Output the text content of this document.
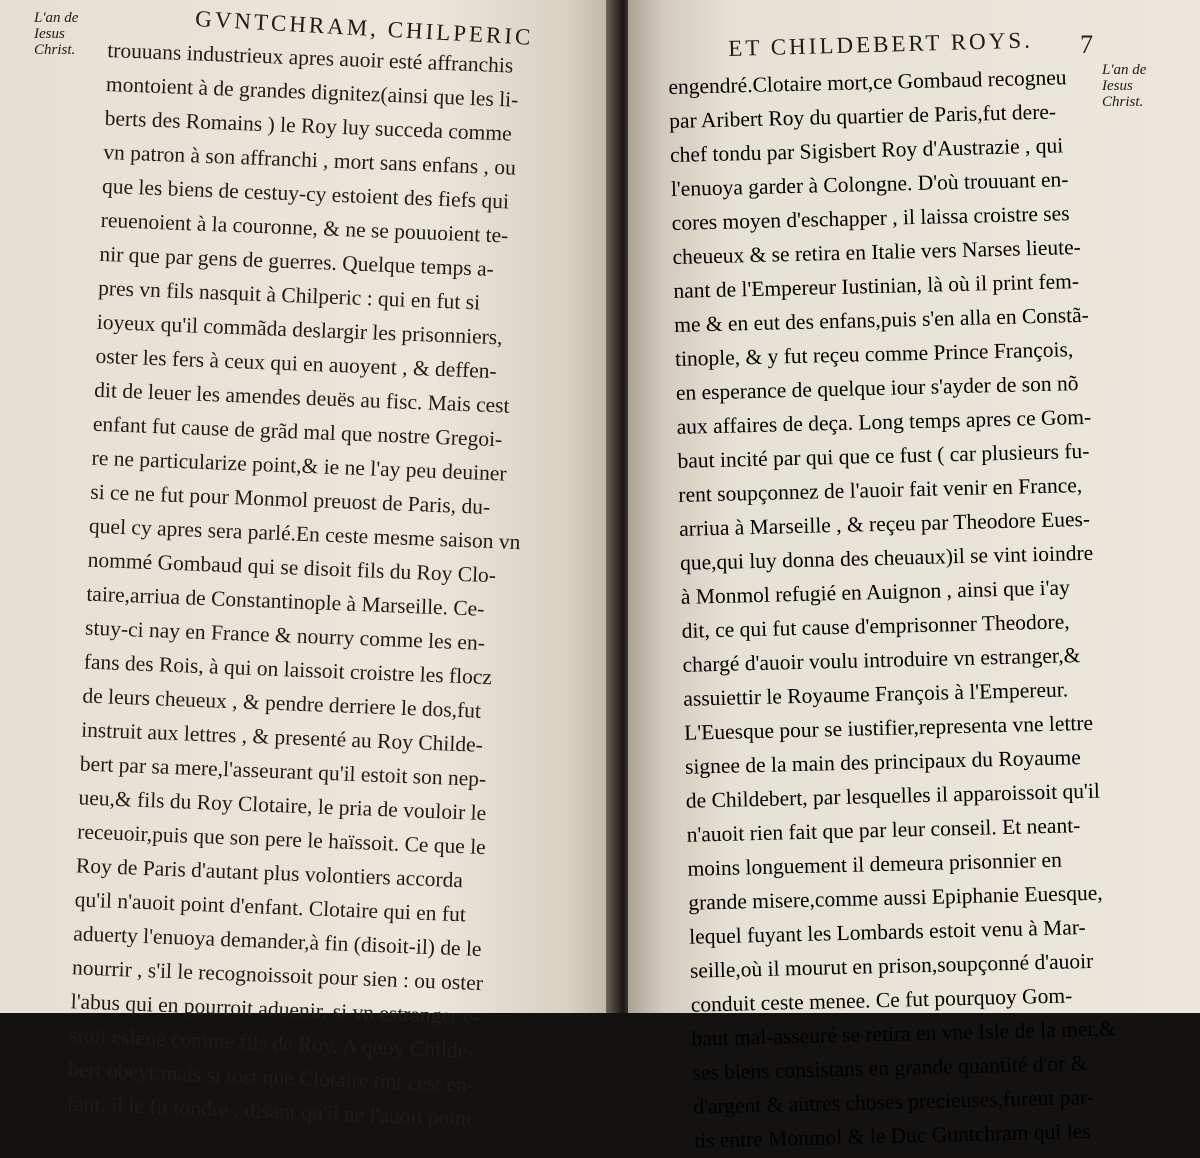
GVNTCHRAM, CHILPERIC
L'an de
Iesus
Christ. trouuans industrieux apres auoir esté affranchis
montoient à de grandes dignitez(ainsi que les li-
berts des Romains ) le Roy luy succeda comme
vn patron à son affranchi , mort sans enfans , ou
que les biens de cestuy-cy estoient des fiefs qui
reuenoient à la couronne, & ne se pouuoient te-
nir que par gens de guerres. Quelque temps a-
pres vn fils nasquit à Chilperic : qui en fut si
ioyeux qu'il commãda deslargir les prisonniers,
oster les fers à ceux qui en auoyent , & deffen-
dit de leuer les amendes deuës au fisc. Mais cest
enfant fut cause de grãd mal que nostre Gregoi-
re ne particularize point,& ie ne l'ay peu deuiner
si ce ne fut pour Monmol preuost de Paris, du-
quel cy apres sera parlé.En ceste mesme saison vn
nommé Gombaud qui se disoit fils du Roy Clo-
taire,arriua de Constantinople à Marseille. Ce-
stuy-ci nay en France & nourry comme les en-
fans des Rois, à qui on laissoit croistre les flocz
de leurs cheueux , & pendre derriere le dos,fut
instruit aux lettres , & presenté au Roy Childe-
bert par sa mere,l'asseurant qu'il estoit son nep-
ueu,& fils du Roy Clotaire, le pria de vouloir le
receuoir,puis que son pere le haïssoit. Ce que le
Roy de Paris d'autant plus volontiers accorda
qu'il n'auoit point d'enfant. Clotaire qui en fut
aduerty l'enuoya demander,à fin (disoit-il) de le
nourrir , s'il le recognoissoit pour sien : ou oster
l'abus qui en pourroit aduenir, si vn estranger e-
stoit esleué comme fils de Roy. A quoy Childe-
bert obeyt:mais si tost que Clotaire tint cest en-
fant, il le fit tondre , disant qu'il ne l'auoit point
ET CHILDEBERT ROYS. 7
L'an de
Iesus
Christ.
engendré.Clotaire mort,ce Gombaud recogneu
par Aribert Roy du quartier de Paris,fut dere-
chef tondu par Sigisbert Roy d'Austrazie , qui
l'enuoya garder à Colongne. D'où trouuant en-
cores moyen d'eschapper , il laissa croistre ses
cheueux & se retira en Italie vers Narses lieute-
nant de l'Empereur Iustinian, là où il print fem-
me & en eut des enfans,puis s'en alla en Constã-
tinople, & y fut reçeu comme Prince François,
en esperance de quelque iour s'ayder de son nõ
aux affaires de deça. Long temps apres ce Gom-
baut incité par qui que ce fust ( car plusieurs fu-
rent soupçonnez de l'auoir fait venir en France,
arriua à Marseille , & reçeu par Theodore Eues-
que,qui luy donna des cheuaux)il se vint ioindre
à Monmol refugié en Auignon , ainsi que i'ay
dit, ce qui fut cause d'emprisonner Theodore,
chargé d'auoir voulu introduire vn estranger,&
assuiettir le Royaume François à l'Empereur.
L'Euesque pour se iustifier,representa vne lettre
signee de la main des principaux du Royaume
de Childebert, par lesquelles il apparoissoit qu'il
n'auoit rien fait que par leur conseil. Et neant-
moins longuement il demeura prisonnier en
grande misere,comme aussi Epiphanie Euesque,
lequel fuyant les Lombards estoit venu à Mar-
seille,où il mourut en prison,soupçonné d'auoir
conduit ceste menee. Ce fut pourquoy Gom-
baut mal-asseuré se retira en vne Isle de la mer,&
ses biens consistans en grande quantité d'or &
d'argent & autres choses precieuses,furent par-
tis entre Monmol & le Duc Guntchram qui les
